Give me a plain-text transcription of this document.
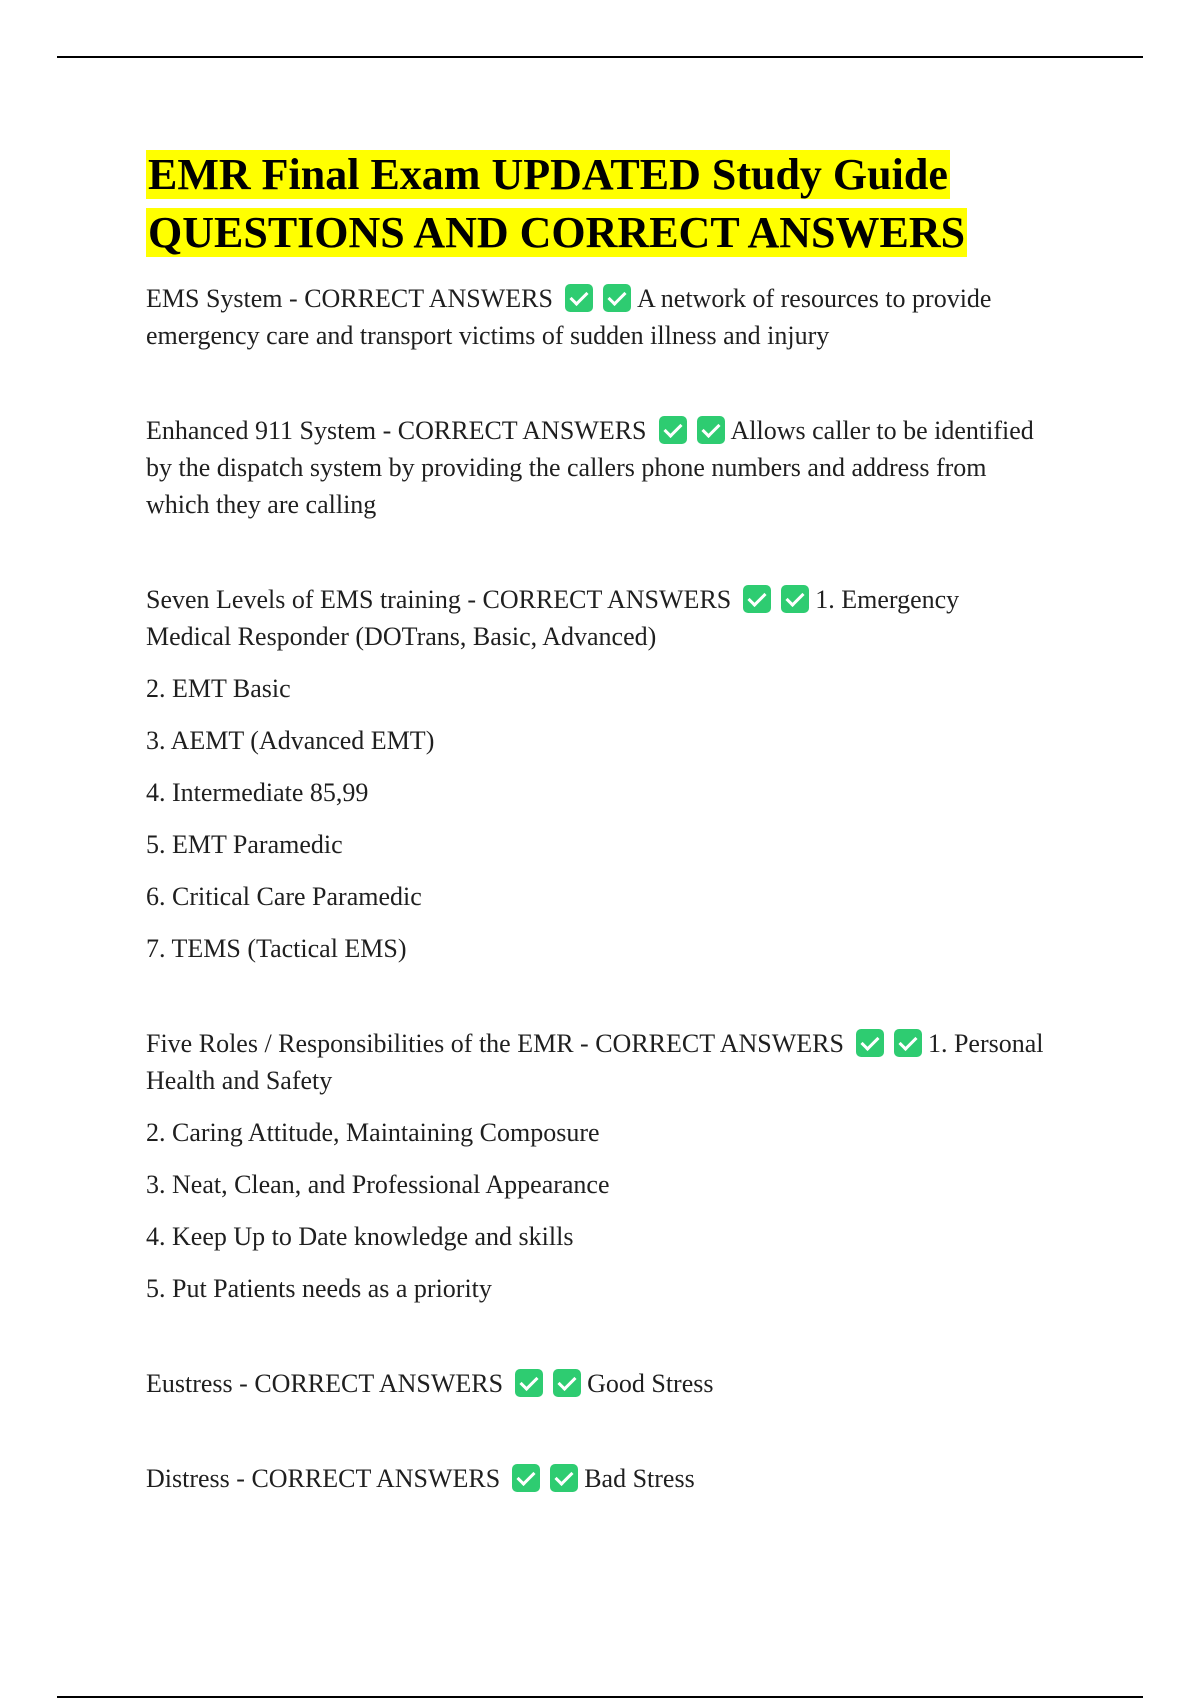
EMR Final Exam UPDATED Study Guide
QUESTIONS AND CORRECT ANSWERS

EMS System - CORRECT ANSWERS	A network of resources to provide emergency care and transport victims of sudden illness and injury

Enhanced 911 System - CORRECT ANSWERS	Allows caller to be identified by the dispatch system by providing the callers phone numbers and address from which they are calling

Seven Levels of EMS training - CORRECT ANSWERS	1. Emergency Medical Responder (DOTrans, Basic, Advanced)

2. EMT Basic

3. AEMT (Advanced EMT)

4. Intermediate 85,99

5. EMT Paramedic

6. Critical Care Paramedic

7. TEMS (Tactical EMS)

Five Roles / Responsibilities of the EMR - CORRECT ANSWERS	1. Personal Health and Safety

2. Caring Attitude, Maintaining Composure

3. Neat, Clean, and Professional Appearance

4. Keep Up to Date knowledge and skills

5. Put Patients needs as a priority

Eustress - CORRECT ANSWERS	Good Stress

Distress - CORRECT ANSWERS	Bad Stress
